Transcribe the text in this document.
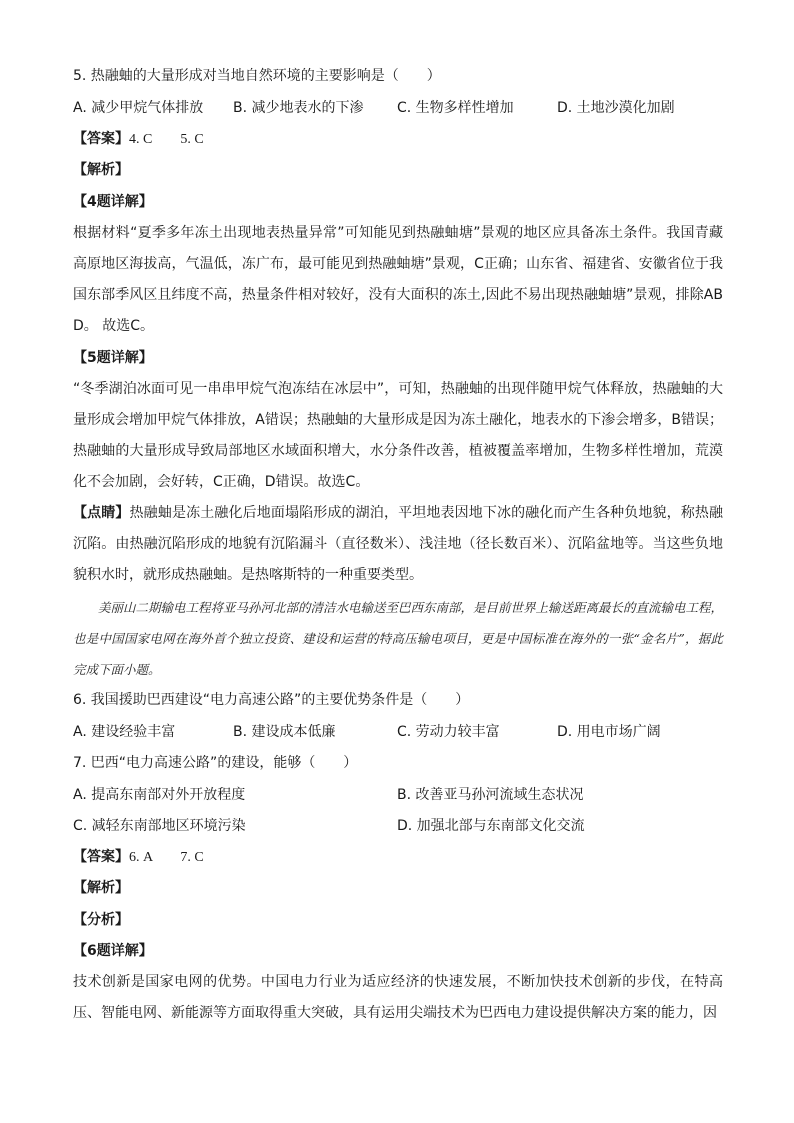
5. 热融蚰的大量形成对当地自然环境的主要影响是（　　）
A. 减少甲烷气体排放 B. 减少地表水的下渗 C. 生物多样性增加	D. 土地沙漠化加剧
【答案】4. C　　5. C
【解析】
【4题详解】
根据材料“夏季多年冻土出现地表热量异常”可知能见到热融蚰塘”景观的地区应具备冻土条件。我国青藏高原地区海拔高，气温低，冻广布，最可能见到热融蚰塘”景观，C正确；山东省、福建省、安徽省位于我国东部季风区且纬度不高，热量条件相对较好，没有大面积的冻土,因此不易出现热融蚰塘”景观，排除ABD。 故选C。
【5题详解】
“冬季湖泊冰面可见一串串甲烷气泡冻结在冰层中”，可知，热融蚰的出现伴随甲烷气体释放，热融蚰的大量形成会增加甲烷气体排放，A错误；热融蚰的大量形成是因为冻土融化，地表水的下渗会增多，B错误；热融蚰的大量形成导致局部地区水域面积增大，水分条件改善，植被覆盖率增加，生物多样性增加，荒漠化不会加剧，会好转，C正确，D错误。故选C。
【点睛】热融蚰是冻土融化后地面塌陷形成的湖泊，平坦地表因地下冰的融化而产生各种负地貌，称热融沉陷。由热融沉陷形成的地貌有沉陷漏斗（直径数米）、浅洼地（径长数百米）、沉陷盆地等。当这些负地貌积水时，就形成热融蚰。是热喀斯特的一种重要类型。
美丽山二期输电工程将亚马孙河北部的清洁水电输送至巴西东南部，是目前世界上输送距离最长的直流输电工程，也是中国国家电网在海外首个独立投资、建设和运营的特高压输电项目，更是中国标准在海外的一张“金名片”，据此完成下面小题。
6. 我国援助巴西建设“电力高速公路”的主要优势条件是（　　）
A. 建设经验丰富	B. 建设成本低廉	C. 劳动力较丰富	D. 用电市场广阔
7. 巴西“电力高速公路”的建设，能够（　　）
A. 提高东南部对外开放程度	B. 改善亚马孙河流域生态状况
C. 减轻东南部地区环境污染	D. 加强北部与东南部文化交流
【答案】6. A　　7. C
【解析】
【分析】
【6题详解】
技术创新是国家电网的优势。中国电力行业为适应经济的快速发展，不断加快技术创新的步伐，在特高压、智能电网、新能源等方面取得重大突破，具有运用尖端技术为巴西电力建设提供解决方案的能力，因
